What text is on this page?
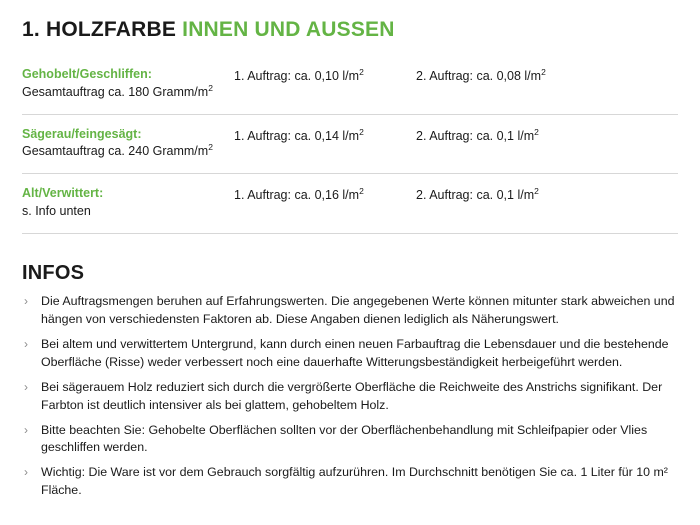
1. HOLZFARBE INNEN UND AUSSEN
Gehobelt/Geschliffen:
Gesamtauftrag ca. 180 Gramm/$m^2$	1. Auftrag: ca. 0,10 $l/m^2$	2. Auftrag: ca. 0,08 $l/m^2$

Sägerau/feingesägt:
Gesamtauftrag ca. 240 Gramm/$m^2$	1. Auftrag: ca. 0,14 $l/m^2$	2. Auftrag: ca. 0,1 $l/m^2$

Alt/Verwittert:
s. Info unten	1. Auftrag: ca. 0,16 $l/m^2$	2. Auftrag: ca. 0,1 $l/m^2$
INFOS
› Die Auftragsmengen beruhen auf Erfahrungswerten. Die angegebenen Werte können mitunter stark abweichen und hängen von verschiedensten Faktoren ab. Diese Angaben dienen lediglich als Näherungswert.
› Bei altem und verwittertem Untergrund, kann durch einen neuen Farbauftrag die Lebensdauer und die bestehende Oberfläche (Risse) weder verbessert noch eine dauerhafte Witterungsbeständigkeit herbeigeführt werden.
› Bei sägerauem Holz reduziert sich durch die vergrößerte Oberfläche die Reichweite des Anstrichs signifikant. Der Farbton ist deutlich intensiver als bei glattem, gehobeltem Holz.
› Bitte beachten Sie: Gehobelte Oberflächen sollten vor der Oberflächenbehandlung mit Schleifpapier oder Vlies geschliffen werden.
› Wichtig: Die Ware ist vor dem Gebrauch sorgfältig aufzurühren. Im Durchschnitt benötigen Sie ca. 1 Liter für 10 m² Fläche.
